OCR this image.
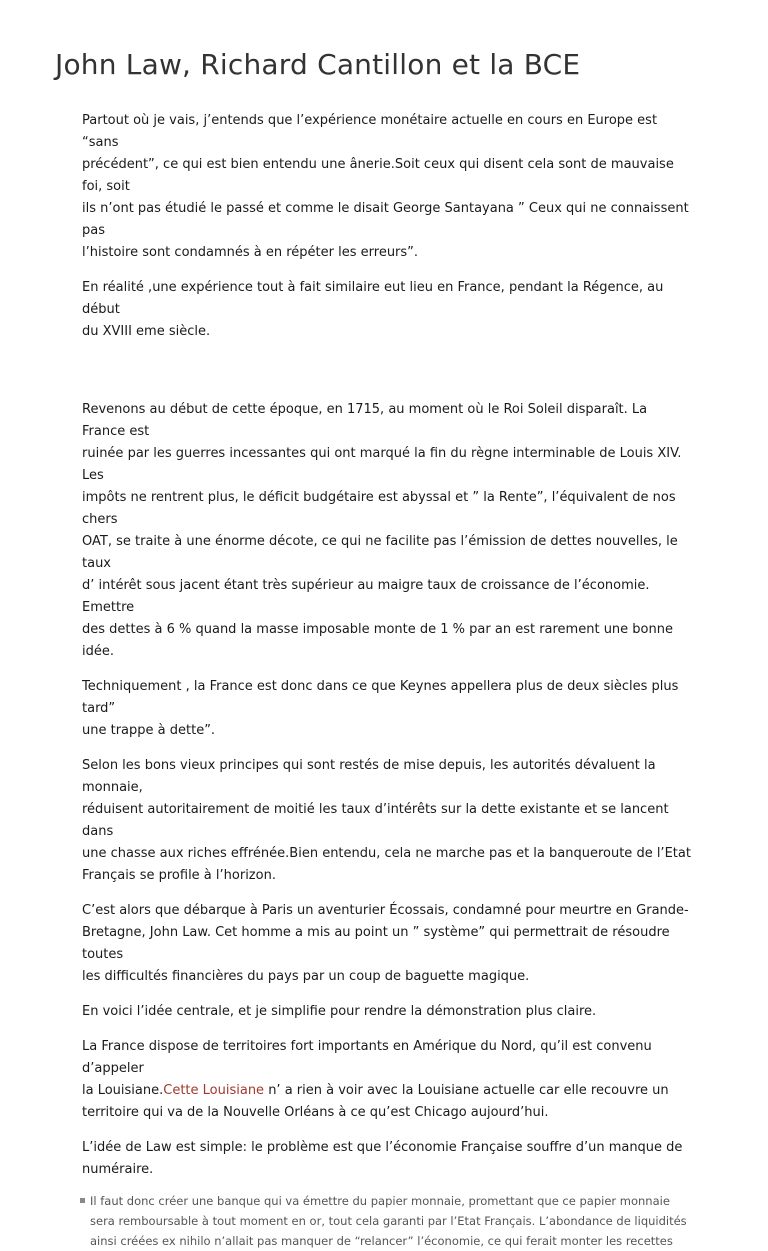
John Law, Richard Cantillon et la BCE

Partout où je vais, j’entends que l’expérience monétaire actuelle en cours en Europe est “sans
précédent”, ce qui est bien entendu une ânerie.Soit ceux qui disent cela sont de mauvaise foi, soit
ils n’ont pas étudié le passé et comme le disait George Santayana ” Ceux qui ne connaissent pas
l’histoire sont condamnés à en répéter les erreurs”.

En réalité ,une expérience tout à fait similaire eut lieu en France, pendant la Régence, au début
du XVIII eme siècle.

Revenons au début de cette époque, en 1715, au moment où le Roi Soleil disparaît. La France est
ruinée par les guerres incessantes qui ont marqué la fin du règne interminable de Louis XIV. Les
impôts ne rentrent plus, le déficit budgétaire est abyssal et ” la Rente”, l’équivalent de nos chers
OAT, se traite à une énorme décote, ce qui ne facilite pas l’émission de dettes nouvelles, le taux
d’ intérêt sous jacent étant très supérieur au maigre taux de croissance de l’économie. Emettre
des dettes à 6 % quand la masse imposable monte de 1 % par an est rarement une bonne idée.

Techniquement , la France est donc dans ce que Keynes appellera plus de deux siècles plus tard”
une trappe à dette”.

Selon les bons vieux principes qui sont restés de mise depuis, les autorités dévaluent la monnaie,
réduisent autoritairement de moitié les taux d’intérêts sur la dette existante et se lancent dans
une chasse aux riches effrénée.Bien entendu, cela ne marche pas et la banqueroute de l’Etat
Français se profile à l’horizon.

C’est alors que débarque à Paris un aventurier Écossais, condamné pour meurtre en Grande-
Bretagne, John Law. Cet homme a mis au point un ” système” qui permettrait de résoudre toutes
les difficultés financières du pays par un coup de baguette magique.

En voici l’idée centrale, et je simplifie pour rendre la démonstration plus claire.

La France dispose de territoires fort importants en Amérique du Nord, qu’il est convenu d’appeler
la Louisiane.Cette Louisiane n’ a rien à voir avec la Louisiane actuelle car elle recouvre un
territoire qui va de la Nouvelle Orléans à ce qu’est Chicago aujourd’hui.

L’idée de Law est simple: le problème est que l’économie Française souffre d’un manque de
numéraire.

Il faut donc créer une banque qui va émettre du papier monnaie, promettant que ce papier monnaie
sera remboursable à tout moment en or, tout cela garanti par l’Etat Français. L’abondance de liquidités
ainsi créées ex nihilo n’allait pas manquer de “relancer” l’économie, ce qui ferait monter les recettes
